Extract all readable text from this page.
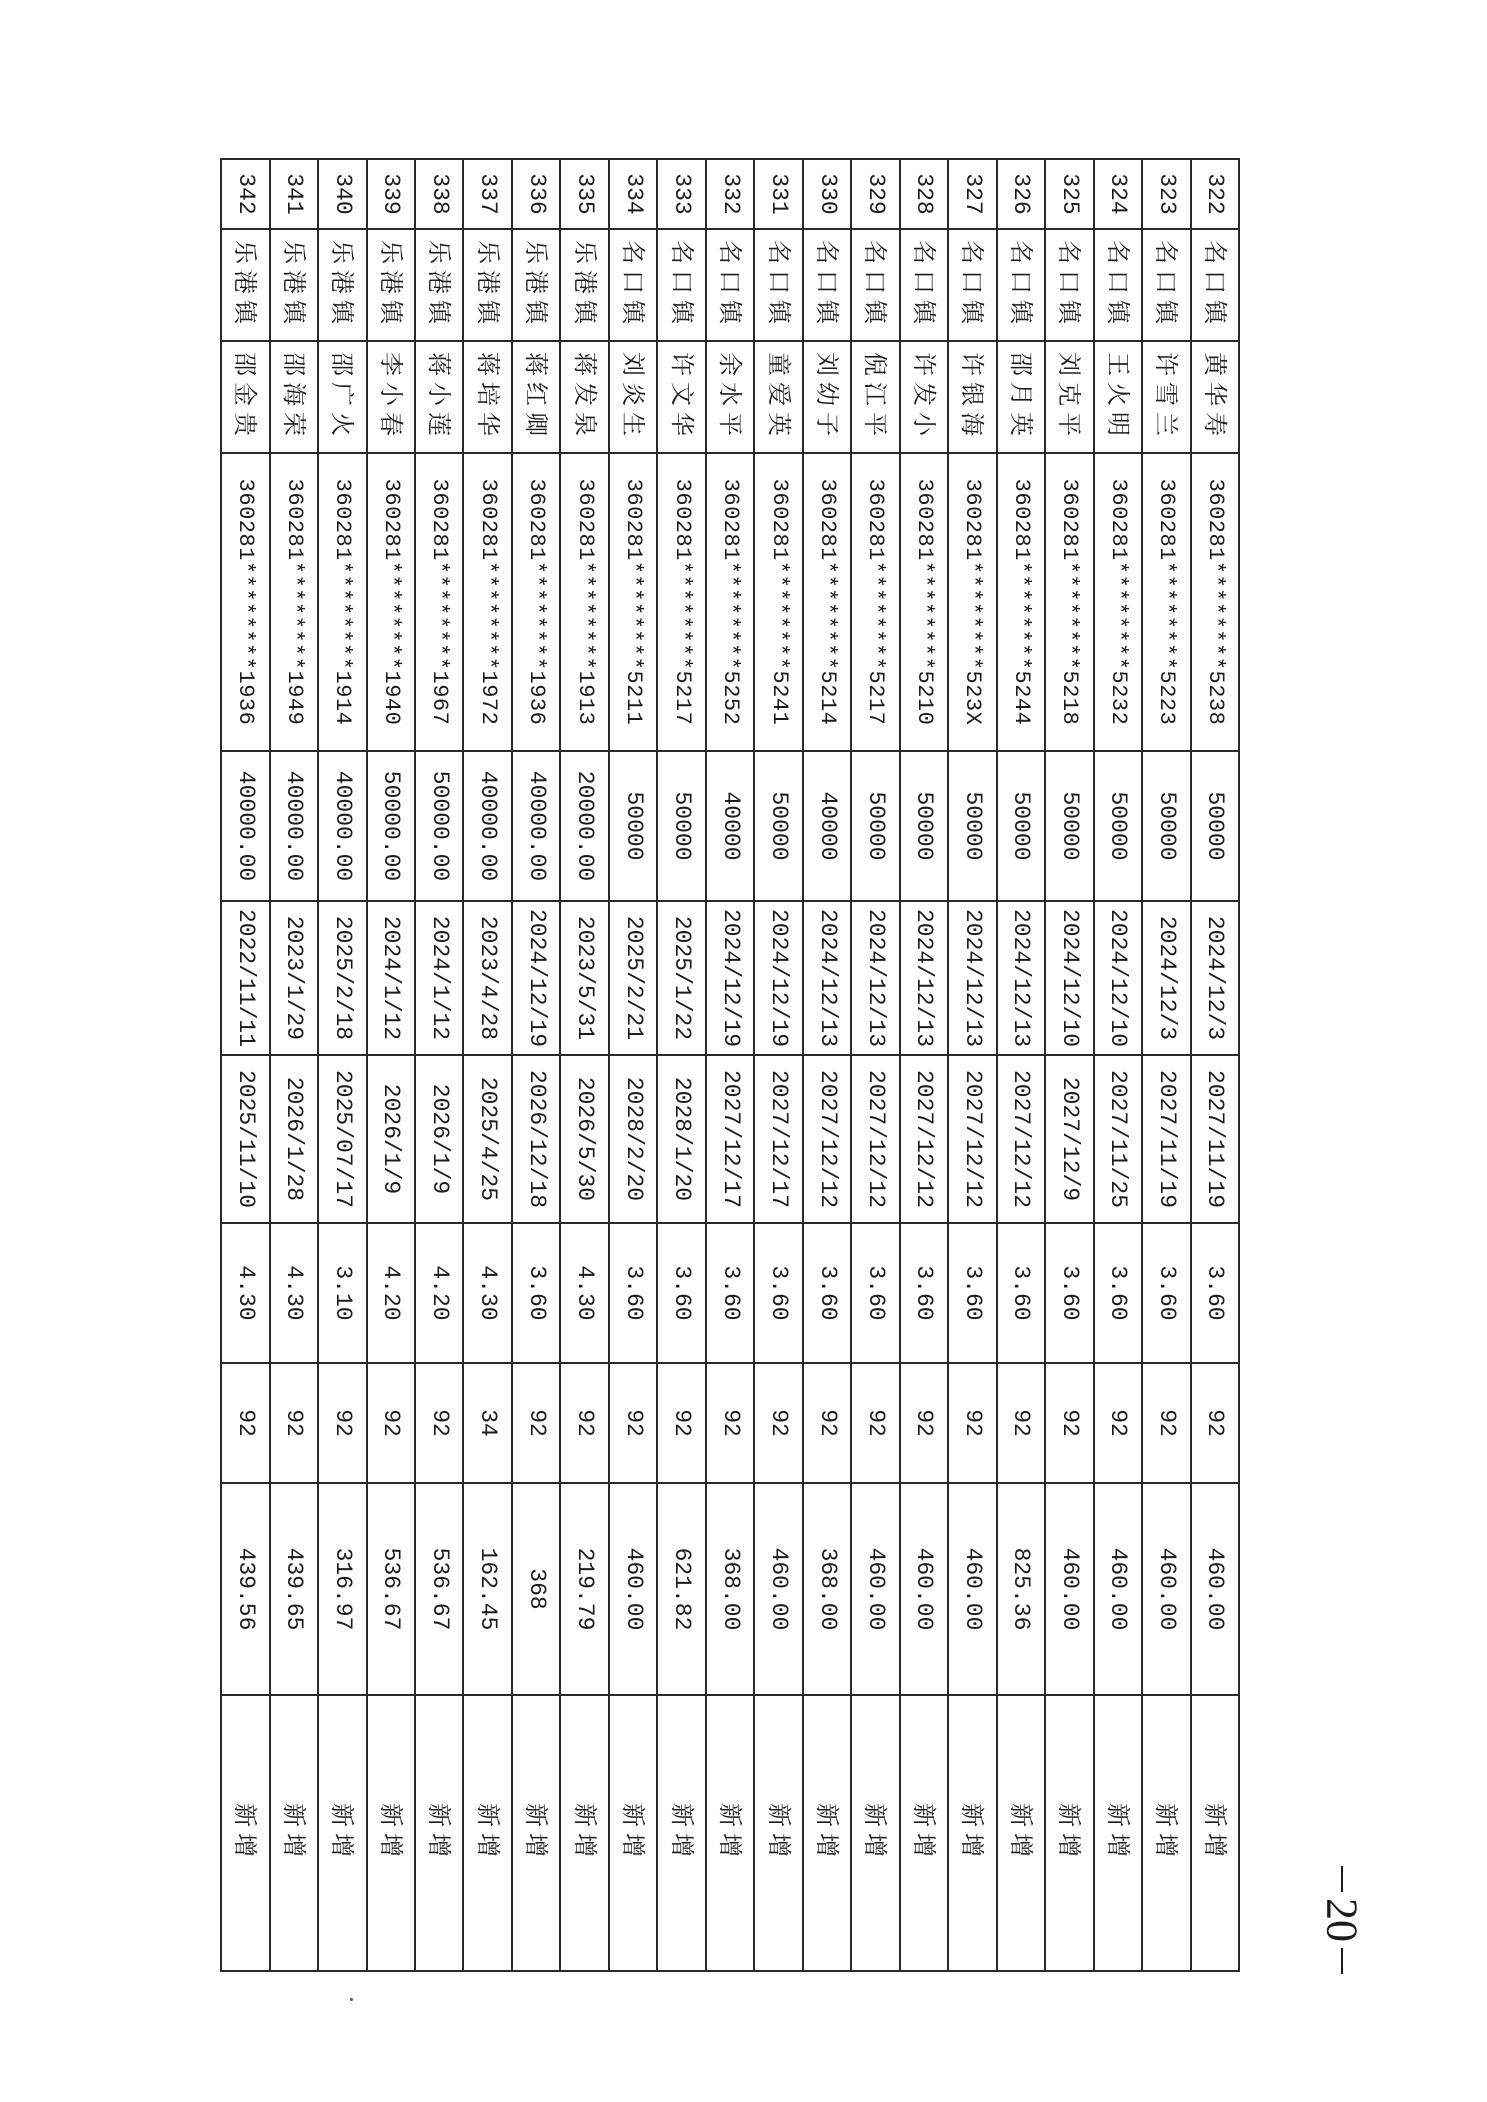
322	名口镇	黄华寿	360281********5238	50000	2024/12/3	2027/11/19	3.60	92	460.00	新增
323	名口镇	许雪兰	360281********5223	50000	2024/12/3	2027/11/19	3.60	92	460.00	新增
324	名口镇	王火明	360281********5232	50000	2024/12/10	2027/11/25	3.60	92	460.00	新增
325	名口镇	刘克平	360281********5218	50000	2024/12/10	2027/12/9	3.60	92	460.00	新增
326	名口镇	邵月英	360281********5244	50000	2024/12/13	2027/12/12	3.60	92	825.36	新增
327	名口镇	许银海	360281********523X	50000	2024/12/13	2027/12/12	3.60	92	460.00	新增
328	名口镇	许发小	360281********5210	50000	2024/12/13	2027/12/12	3.60	92	460.00	新增
329	名口镇	倪江平	360281********5217	50000	2024/12/13	2027/12/12	3.60	92	460.00	新增
330	名口镇	刘幼子	360281********5214	40000	2024/12/13	2027/12/12	3.60	92	368.00	新增
331	名口镇	童爱英	360281********5241	50000	2024/12/19	2027/12/17	3.60	92	460.00	新增
332	名口镇	余水平	360281********5252	40000	2024/12/19	2027/12/17	3.60	92	368.00	新增
333	名口镇	许文华	360281********5217	50000	2025/1/22	2028/1/20	3.60	92	621.82	新增
334	名口镇	刘炎生	360281********5211	50000	2025/2/21	2028/2/20	3.60	92	460.00	新增
335	乐港镇	蒋发泉	360281********1913	20000.00	2023/5/31	2026/5/30	4.30	92	219.79	新增
336	乐港镇	蒋红卿	360281********1936	40000.00	2024/12/19	2026/12/18	3.60	92	368	新增
337	乐港镇	蒋培华	360281********1972	40000.00	2023/4/28	2025/4/25	4.30	34	162.45	新增
338	乐港镇	蒋小莲	360281********1967	50000.00	2024/1/12	2026/1/9	4.20	92	536.67	新增
339	乐港镇	李小春	360281********1940	50000.00	2024/1/12	2026/1/9	4.20	92	536.67	新增
340	乐港镇	邵广火	360281********1914	40000.00	2025/2/18	2025/07/17	3.10	92	316.97	新增
341	乐港镇	邵海荣	360281********1949	40000.00	2023/1/29	2026/1/28	4.30	92	439.65	新增
342	乐港镇	邵金贵	360281********1936	40000.00	2022/11/11	2025/11/10	4.30	92	439.56	新增
20
